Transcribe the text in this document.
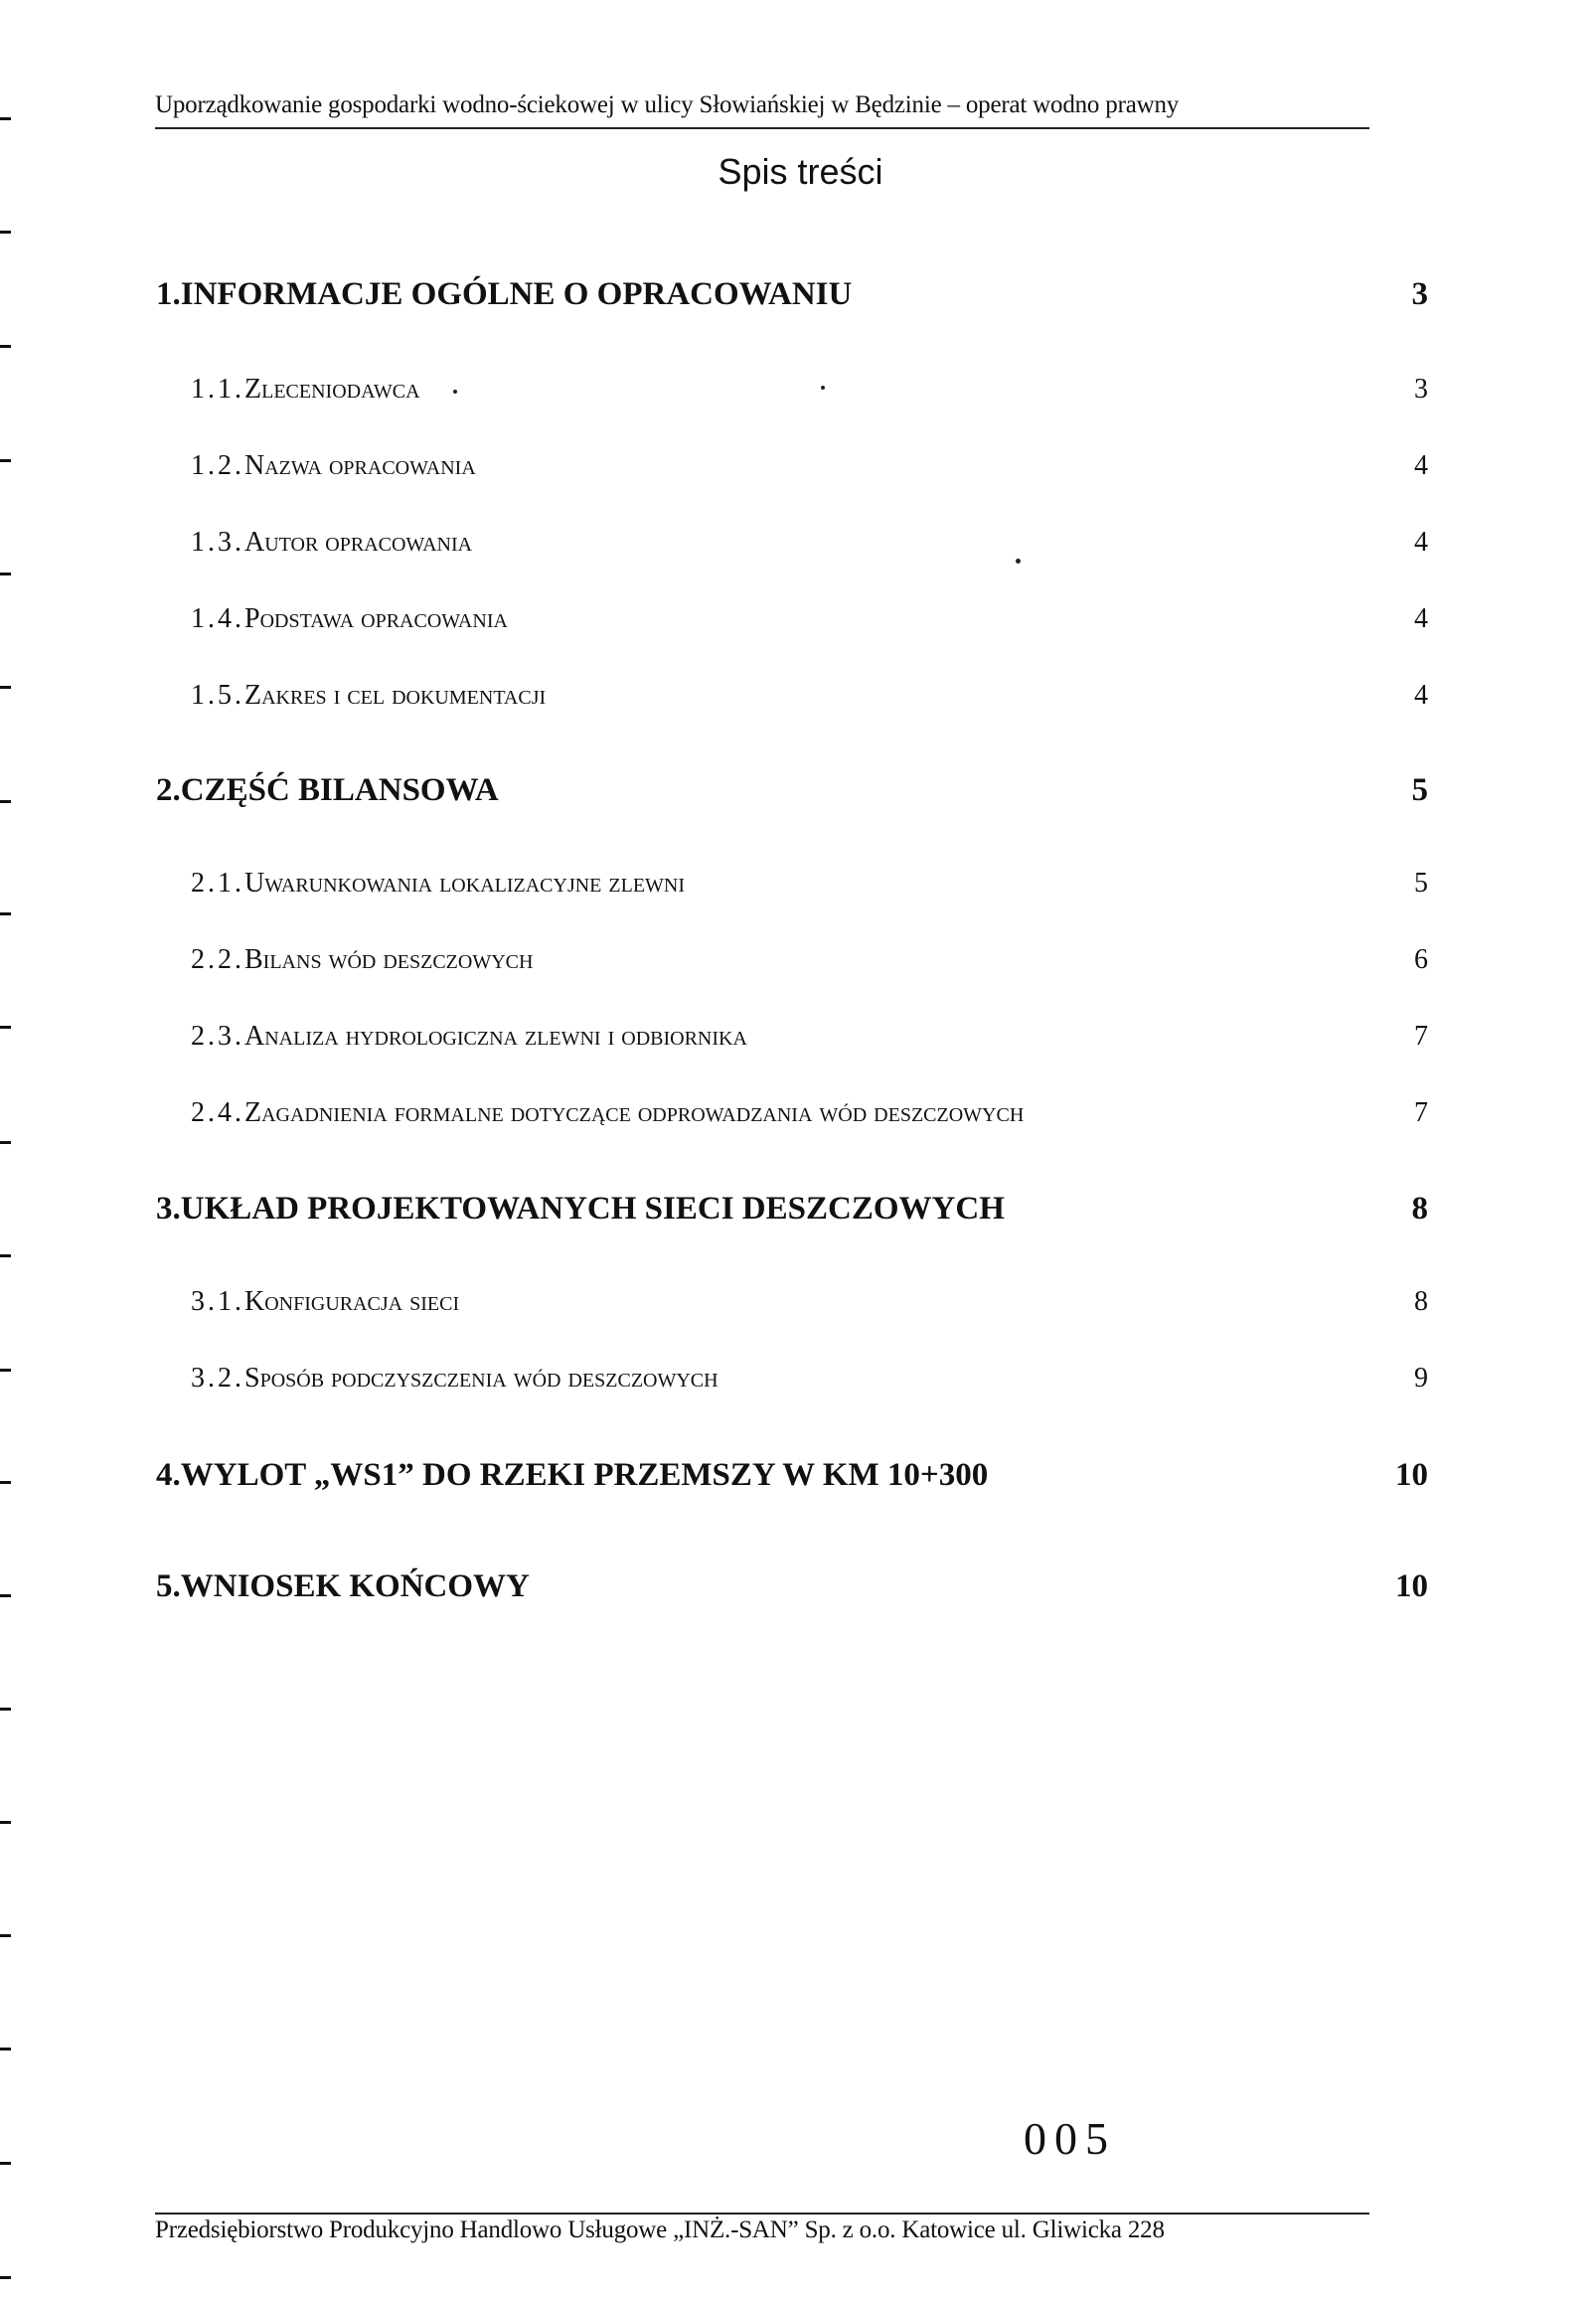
Uporządkowanie gospodarki wodno-ściekowej w ulicy Słowiańskiej w Będzinie – operat wodno prawny
Spis treści
1.INFORMACJE OGÓLNE O OPRACOWANIU	3
1.1.Zleceniodawca	3
1.2.Nazwa opracowania	4
1.3.Autor opracowania	4
1.4.Podstawa opracowania	4
1.5.Zakres i cel dokumentacji	4
2.CZĘŚĆ BILANSOWA	5
2.1.Uwarunkowania lokalizacyjne zlewni	5
2.2.Bilans wód deszczowych	6
2.3.Analiza hydrologiczna zlewni i odbiornika	7
2.4.Zagadnienia formalne dotyczące odprowadzania wód deszczowych	7
3.UKŁAD PROJEKTOWANYCH SIECI DESZCZOWYCH	8
3.1.Konfiguracja sieci	8
3.2.Sposób podczyszczenia wód deszczowych	9
4.WYLOT „WS1” DO RZEKI PRZEMSZY W KM 10+300	10
5.WNIOSEK KOŃCOWY	10
005
Przedsiębiorstwo Produkcyjno Handlowo Usługowe „INŻ.-SAN” Sp. z o.o. Katowice ul. Gliwicka 228
